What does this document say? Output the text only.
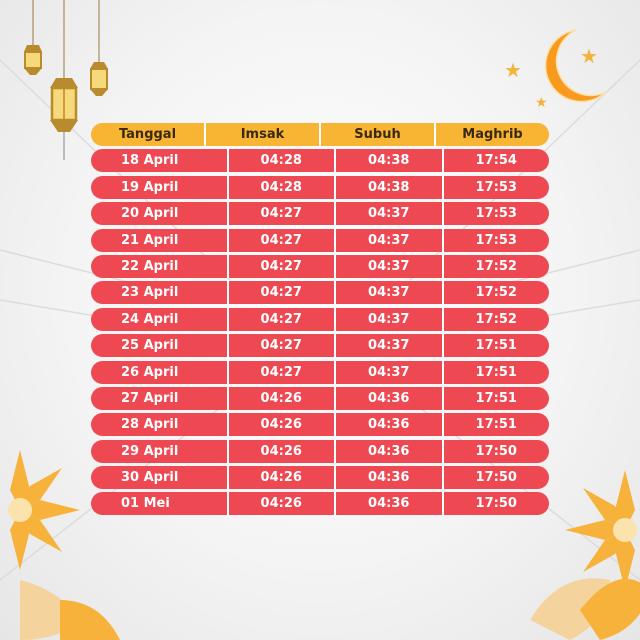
★
★
★
Tanggal	Imsak	Subuh	Maghrib
18 April	04:28	04:38	17:54
19 April	04:28	04:38	17:53
20 April	04:27	04:37	17:53
21 April	04:27	04:37	17:53
22 April	04:27	04:37	17:52
23 April	04:27	04:37	17:52
24 April	04:27	04:37	17:52
25 April	04:27	04:37	17:51
26 April	04:27	04:37	17:51
27 April	04:26	04:36	17:51
28 April	04:26	04:36	17:51
29 April	04:26	04:36	17:50
30 April	04:26	04:36	17:50
01 Mei	04:26	04:36	17:50
